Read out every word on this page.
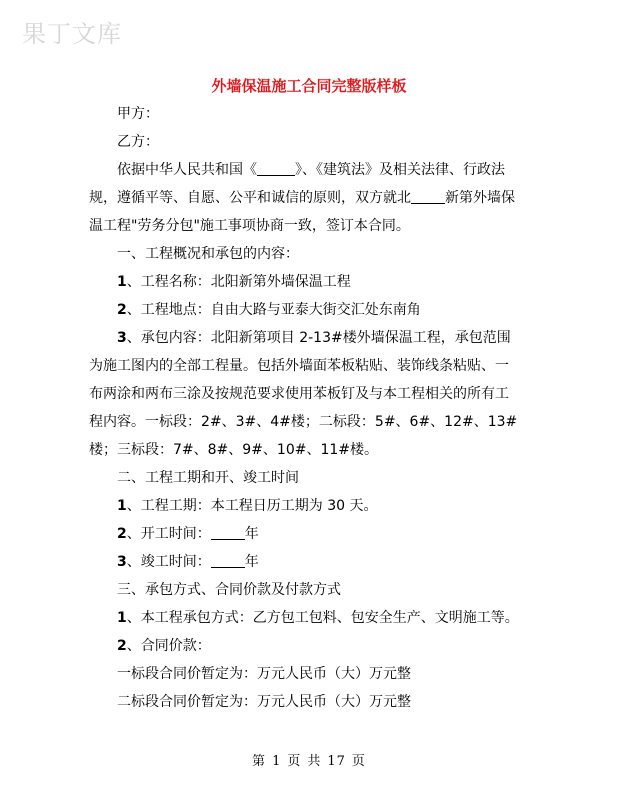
果丁文库
外墙保温施工合同完整版样板
甲方：
乙方：
依据中华人民共和国《	》、《建筑法》及相关法律、行政法
规，遵循平等、自愿、公平和诚信的原则，双方就北 新第外墙保
温工程"劳务分包"施工事项协商一致，签订本合同。
一、工程概况和承包的内容：
1、工程名称：北阳新第外墙保温工程
2、工程地点：自由大路与亚泰大街交汇处东南角
3、承包内容：北阳新第项目 2-13#楼外墙保温工程，承包范围
为施工图内的全部工程量。包括外墙面苯板粘贴、装饰线条粘贴、一
布两涂和两布三涂及按规范要求使用苯板钉及与本工程相关的所有工
程内容。一标段：2#、3#、4#楼；二标段：5#、6#、12#、13#
楼；三标段：7#、8#、9#、10#、11#楼。
二、工程工期和开、竣工时间
1、工程工期：本工程日历工期为 30 天。
2、开工时间： 年
3、竣工时间： 年
三、承包方式、合同价款及付款方式
1、本工程承包方式：乙方包工包料、包安全生产、文明施工等。
2、合同价款：
一标段合同价暂定为：万元人民币（大）万元整
二标段合同价暂定为：万元人民币（大）万元整
第 1 页 共 17 页
